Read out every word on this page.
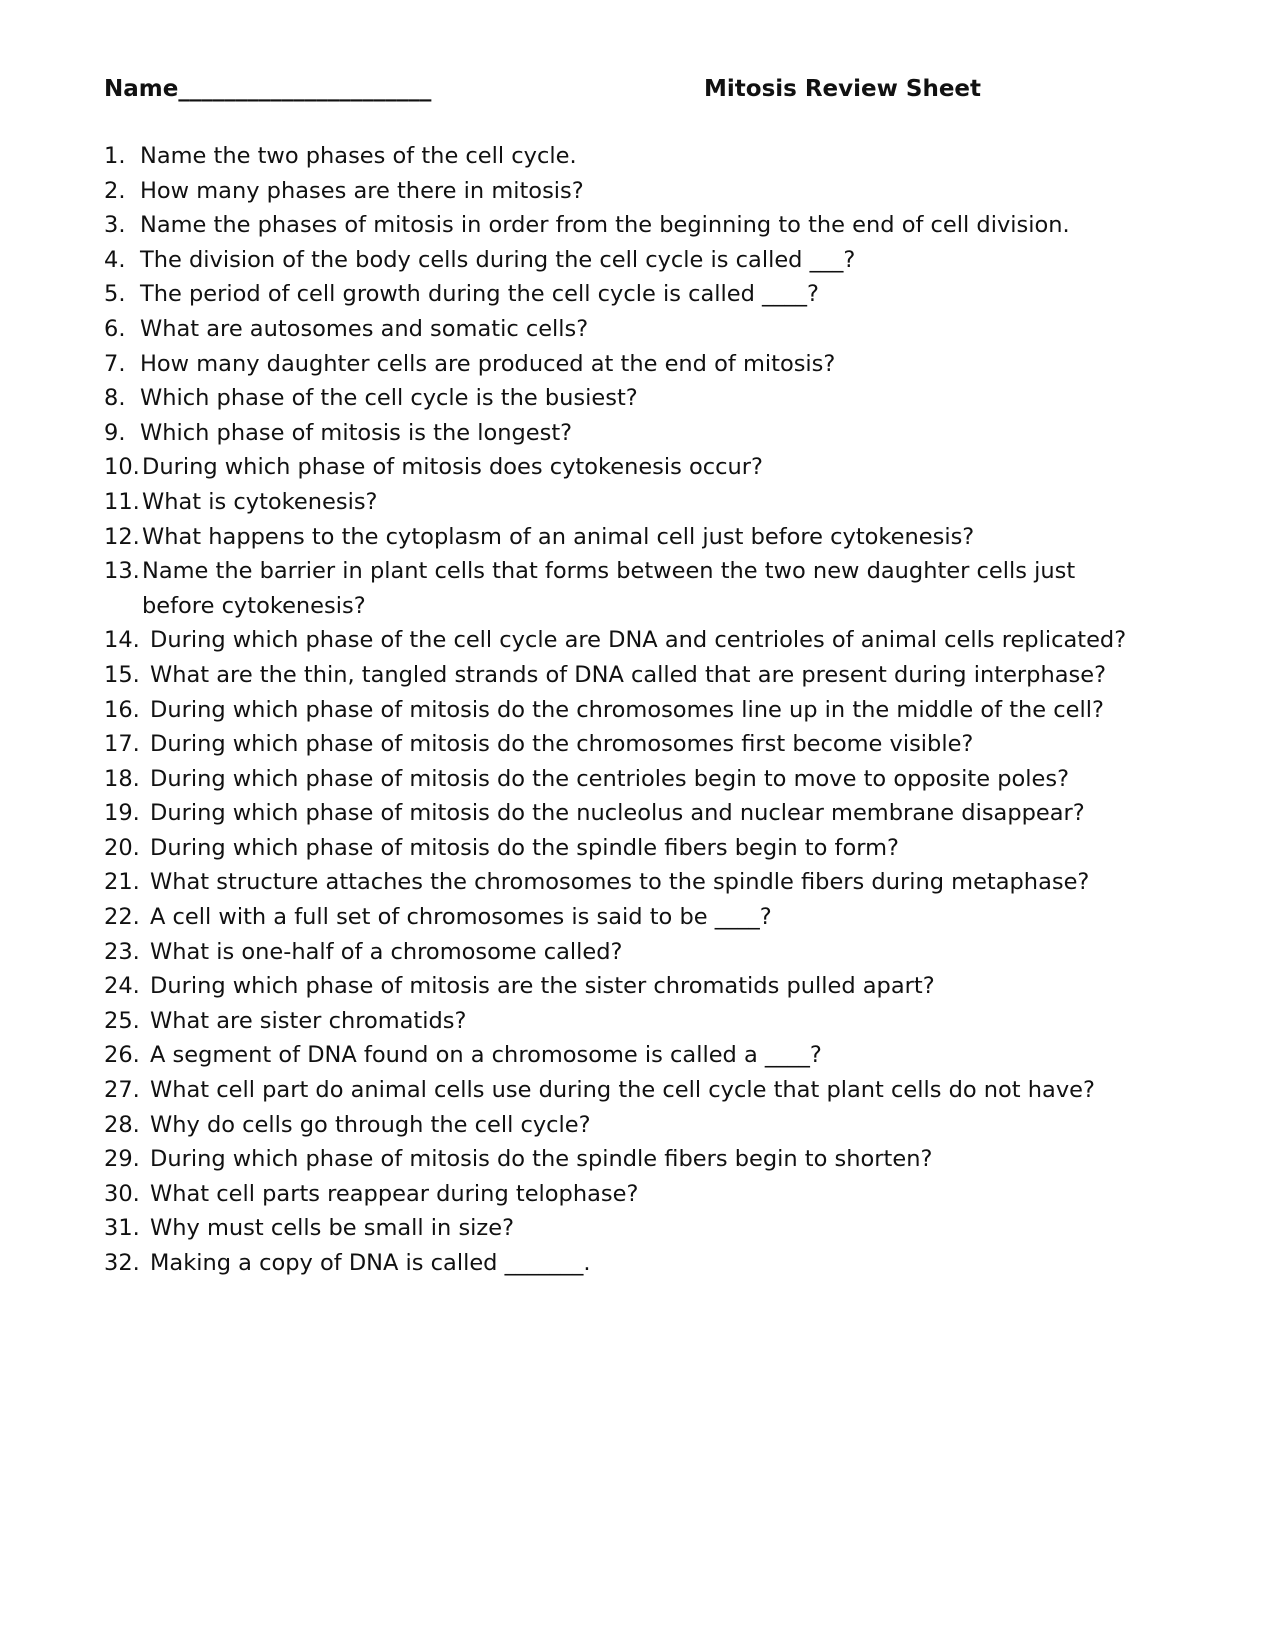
Name______________________	Mitosis Review Sheet
1. Name the two phases of the cell cycle.
2. How many phases are there in mitosis?
3. Name the phases of mitosis in order from the beginning to the end of cell division.
4. The division of the body cells during the cell cycle is called ___?
5. The period of cell growth during the cell cycle is called ____?
6. What are autosomes and somatic cells?
7. How many daughter cells are produced at the end of mitosis?
8. Which phase of the cell cycle is the busiest?
9. Which phase of mitosis is the longest?
10. During which phase of mitosis does cytokenesis occur?
11. What is cytokenesis?
12. What happens to the cytoplasm of an animal cell just before cytokenesis?
13. Name the barrier in plant cells that forms between the two new daughter cells just
before cytokenesis?
14. During which phase of the cell cycle are DNA and centrioles of animal cells replicated?
15. What are the thin, tangled strands of DNA called that are present during interphase?
16. During which phase of mitosis do the chromosomes line up in the middle of the cell?
17. During which phase of mitosis do the chromosomes first become visible?
18. During which phase of mitosis do the centrioles begin to move to opposite poles?
19. During which phase of mitosis do the nucleolus and nuclear membrane disappear?
20. During which phase of mitosis do the spindle fibers begin to form?
21. What structure attaches the chromosomes to the spindle fibers during metaphase?
22. A cell with a full set of chromosomes is said to be ____?
23. What is one-half of a chromosome called?
24. During which phase of mitosis are the sister chromatids pulled apart?
25. What are sister chromatids?
26. A segment of DNA found on a chromosome is called a ____?
27. What cell part do animal cells use during the cell cycle that plant cells do not have?
28. Why do cells go through the cell cycle?
29. During which phase of mitosis do the spindle fibers begin to shorten?
30. What cell parts reappear during telophase?
31. Why must cells be small in size?
32. Making a copy of DNA is called _______.
